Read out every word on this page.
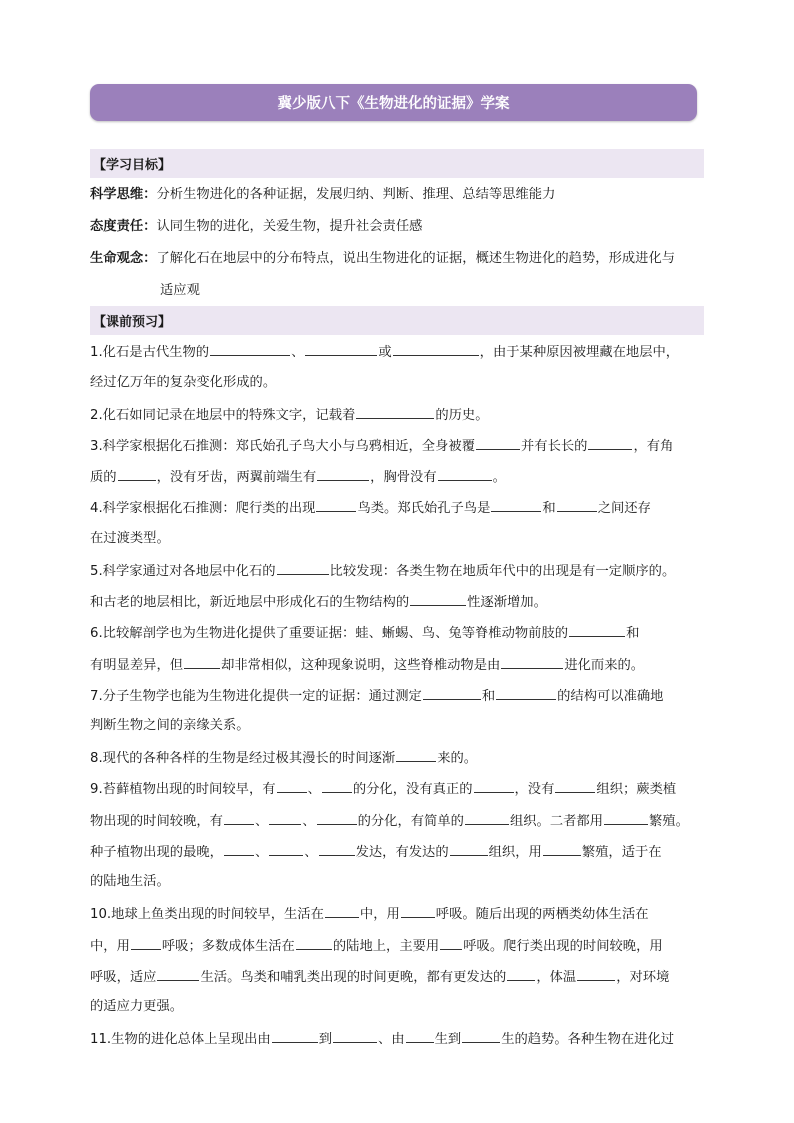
冀少版八下《生物进化的证据》学案
【学习目标】
科学思维：分析生物进化的各种证据，发展归纳、判断、推理、总结等思维能力
态度责任：认同生物的进化，关爱生物，提升社会责任感
生命观念：了解化石在地层中的分布特点，说出生物进化的证据，概述生物进化的趋势，形成进化与
适应观
【课前预习】
1.化石是古代生物的	、	或	，由于某种原因被埋藏在地层中，
经过亿万年的复杂变化形成的。
2.化石如同记录在地层中的特殊文字，记载着	的历史。
3.科学家根据化石推测：郑氏始孔子鸟大小与乌鸦相近，全身被覆	并有长长的	，有角
质的	，没有牙齿，两翼前端生有	，胸骨没有	。
4.科学家根据化石推测：爬行类的出现	鸟类。郑氏始孔子鸟是	和	之间还存
在过渡类型。
5.科学家通过对各地层中化石的	比较发现：各类生物在地质年代中的出现是有一定顺序的。
和古老的地层相比，新近地层中形成化石的生物结构的	性逐渐增加。
6.比较解剖学也为生物进化提供了重要证据：蛙、蜥蜴、鸟、兔等脊椎动物前肢的	和
有明显差异，但	却非常相似，这种现象说明，这些脊椎动物是由	进化而来的。
7.分子生物学也能为生物进化提供一定的证据：通过测定	和	的结构可以准确地
判断生物之间的亲缘关系。
8.现代的各种各样的生物是经过极其漫长的时间逐渐	来的。
9.苔藓植物出现的时间较早，有 、 的分化，没有真正的	，没有	组织；蕨类植
物出现的时间较晚，有 、	、	的分化，有简单的	组织。二者都用	繁殖。
种子植物出现的最晚， 、	、	发达，有发达的	组织，用	繁殖，适于在
的陆地生活。
10.地球上鱼类出现的时间较早，生活在	中，用	呼吸。随后出现的两栖类幼体生活在
中，用 呼吸；多数成体生活在	的陆地上，主要用 呼吸。爬行类出现的时间较晚，用
呼吸，适应	生活。鸟类和哺乳类出现的时间更晚，都有更发达的 ，体温	，对环境
的适应力更强。
11.生物的进化总体上呈现出由	到	、由 生到	生的趋势。各种生物在进化过
